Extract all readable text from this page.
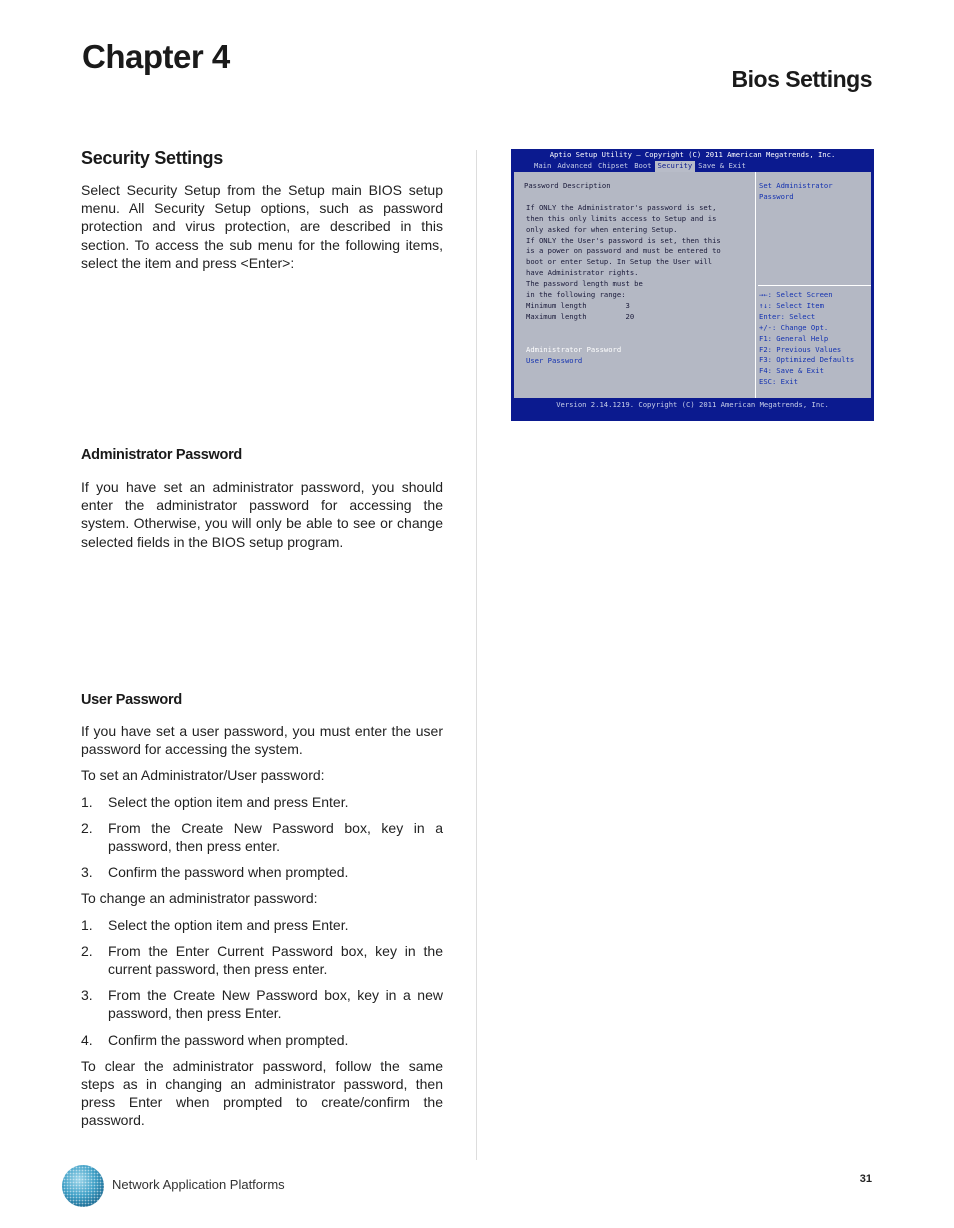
Chapter 4
Bios Settings
Security Settings
Select Security Setup from the Setup main BIOS setup menu. All Security Setup options, such as password protection and virus protection, are described in this section. To access the sub menu for the following items, select the item and press <Enter>:
Administrator Password
If you have set an administrator password, you should enter the administrator password for accessing the system. Otherwise, you will only be able to see or change selected fields in the BIOS setup program.
User Password

If you have set a user password, you must enter the user password for accessing the system.

To set an Administrator/User password:

1.	Select the option item and press Enter.
2.	From the Create New Password box, key in a password, then press enter.
3.	Confirm the password when prompted.

To change an administrator password:

1.	Select the option item and press Enter.
2.	From the Enter Current Password box, key in the current password, then press enter.
3.	From the Create New Password box, key in a new password, then press Enter.
4.	Confirm the password when prompted.

To clear the administrator password, follow the same steps as in changing an administrator password, then press Enter when prompted to create/confirm the password.

Aptio Setup Utility – Copyright (C) 2011 American Megatrends, Inc.
Main Advanced Chipset Boot Security Save & Exit
Password Description
If ONLY the Administrator's password is set,
then this only limits access to Setup and is
only asked for when entering Setup.
If ONLY the User's password is set, then this
is a power on password and must be entered to
boot or enter Setup. In Setup the User will
have Administrator rights.
The password length must be
in the following range:
Minimum length         3
Maximum length         20
Administrator Password
User Password
Set Administrator
Password
→←: Select Screen
↑↓: Select Item
Enter: Select
+/-: Change Opt.
F1: General Help
F2: Previous Values
F3: Optimized Defaults
F4: Save & Exit
ESC: Exit
Version 2.14.1219. Copyright (C) 2011 American Megatrends, Inc.
Network Application Platforms	31
